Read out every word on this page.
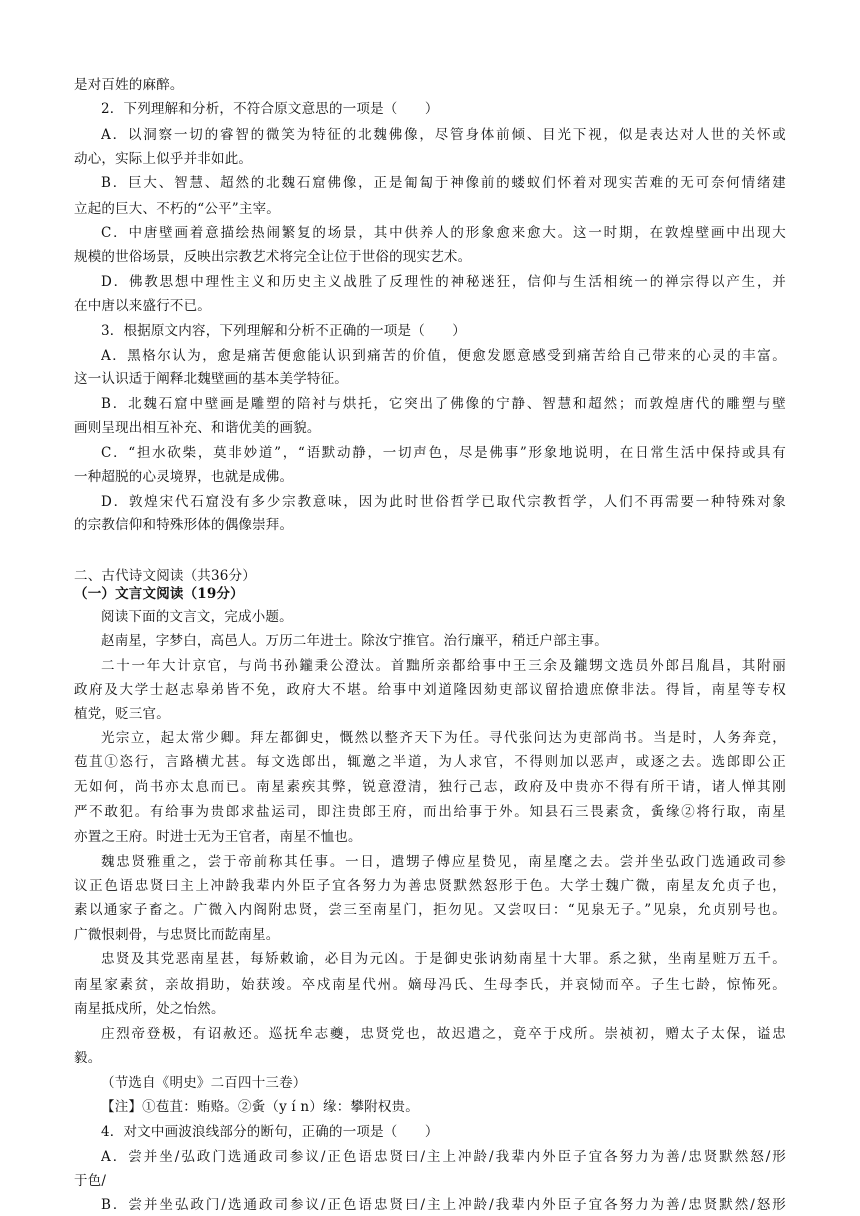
是对百姓的麻醉。
2．下列理解和分析，不符合原文意思的一项是（　　）
A．以洞察一切的睿智的微笑为特征的北魏佛像，尽管身体前倾、目光下视，似是表达对人世的关怀或
动心，实际上似乎并非如此。
B．巨大、智慧、超然的北魏石窟佛像，正是匍匐于神像前的蝼蚁们怀着对现实苦难的无可奈何情绪建
立起的巨大、不朽的“公平”主宰。
C．中唐壁画着意描绘热闹繁复的场景，其中供养人的形象愈来愈大。这一时期，在敦煌壁画中出现大
规模的世俗场景，反映出宗教艺术将完全让位于世俗的现实艺术。
D．佛教思想中理性主义和历史主义战胜了反理性的神秘迷狂，信仰与生活相统一的禅宗得以产生，并
在中唐以来盛行不已。
3．根据原文内容，下列理解和分析不正确的一项是（　　）
A．黑格尔认为，愈是痛苦便愈能认识到痛苦的价值，便愈发愿意感受到痛苦给自己带来的心灵的丰富。
这一认识适于阐释北魏壁画的基本美学特征。
B．北魏石窟中壁画是雕塑的陪衬与烘托，它突出了佛像的宁静、智慧和超然；而敦煌唐代的雕塑与壁
画则呈现出相互补充、和谐优美的画貌。
C．“担水砍柴，莫非妙道”，“语默动静，一切声色，尽是佛事”形象地说明，在日常生活中保持或具有
一种超脱的心灵境界，也就是成佛。
D．敦煌宋代石窟没有多少宗教意味，因为此时世俗哲学已取代宗教哲学，人们不再需要一种特殊对象
的宗教信仰和特殊形体的偶像崇拜。
二、古代诗文阅读（共36分）
（一）文言文阅读（19分）
阅读下面的文言文，完成小题。
赵南星，字梦白，高邑人。万历二年进士。除汝宁推官。治行廉平，稍迁户部主事。
二十一年大计京官，与尚书孙鑨秉公澄汰。首黜所亲都给事中王三余及鑨甥文选员外郎吕胤昌，其附丽
政府及大学士赵志皋弟皆不免，政府大不堪。给事中刘道隆因劾吏部议留拾遗庶僚非法。得旨，南星等专权
植党，贬三官。
光宗立，起太常少卿。拜左都御史，慨然以整齐天下为任。寻代张问达为吏部尚书。当是时，人务奔竞，
苞苴①恣行，言路横尤甚。每文选郎出，辄邀之半道，为人求官，不得则加以恶声，或逐之去。选郎即公正
无如何，尚书亦太息而已。南星素疾其弊，锐意澄清，独行己志，政府及中贵亦不得有所干请，诸人惮其刚
严不敢犯。有给事为贵郎求盐运司，即注贵郎王府，而出给事于外。知县石三畏素贪，夤缘②将行取，南星
亦置之王府。时进士无为王官者，南星不恤也。
魏忠贤雅重之，尝于帝前称其任事。一日，遣甥子傅应星贽见，南星麾之去。尝并坐弘政门选通政司参
议正色语忠贤曰主上冲龄我辈内外臣子宜各努力为善忠贤默然怒形于色。大学士魏广微，南星友允贞子也，
素以通家子畜之。广微入内阁附忠贤，尝三至南星门，拒勿见。又尝叹曰：“见泉无子。”见泉，允贞别号也。
广微恨刺骨，与忠贤比而龁南星。
忠贤及其党恶南星甚，每矫敕谕，必目为元凶。于是御史张讷劾南星十大罪。系之狱，坐南星赃万五千。
南星家素贫，亲故捐助，始获竣。卒戍南星代州。嫡母冯氏、生母李氏，并哀恸而卒。子生七龄，惊怖死。
南星抵戍所，处之怡然。
庄烈帝登极，有诏赦还。巡抚牟志夔，忠贤党也，故迟遣之，竟卒于戍所。崇祯初，赠太子太保，谥忠
毅。
（节选自《明史》二百四十三卷）
【注】①苞苴：贿赂。②夤（y í n）缘：攀附权贵。
4．对文中画波浪线部分的断句，正确的一项是（　　）
A．尝并坐/弘政门选通政司参议/正色语忠贤曰/主上冲龄/我辈内外臣子宜各努力为善/忠贤默然怒/形
于色/
B．尝并坐弘政门/选通政司参议/正色语忠贤曰/主上冲龄/我辈内外臣子宜各努力为善/忠贤默然/怒形
